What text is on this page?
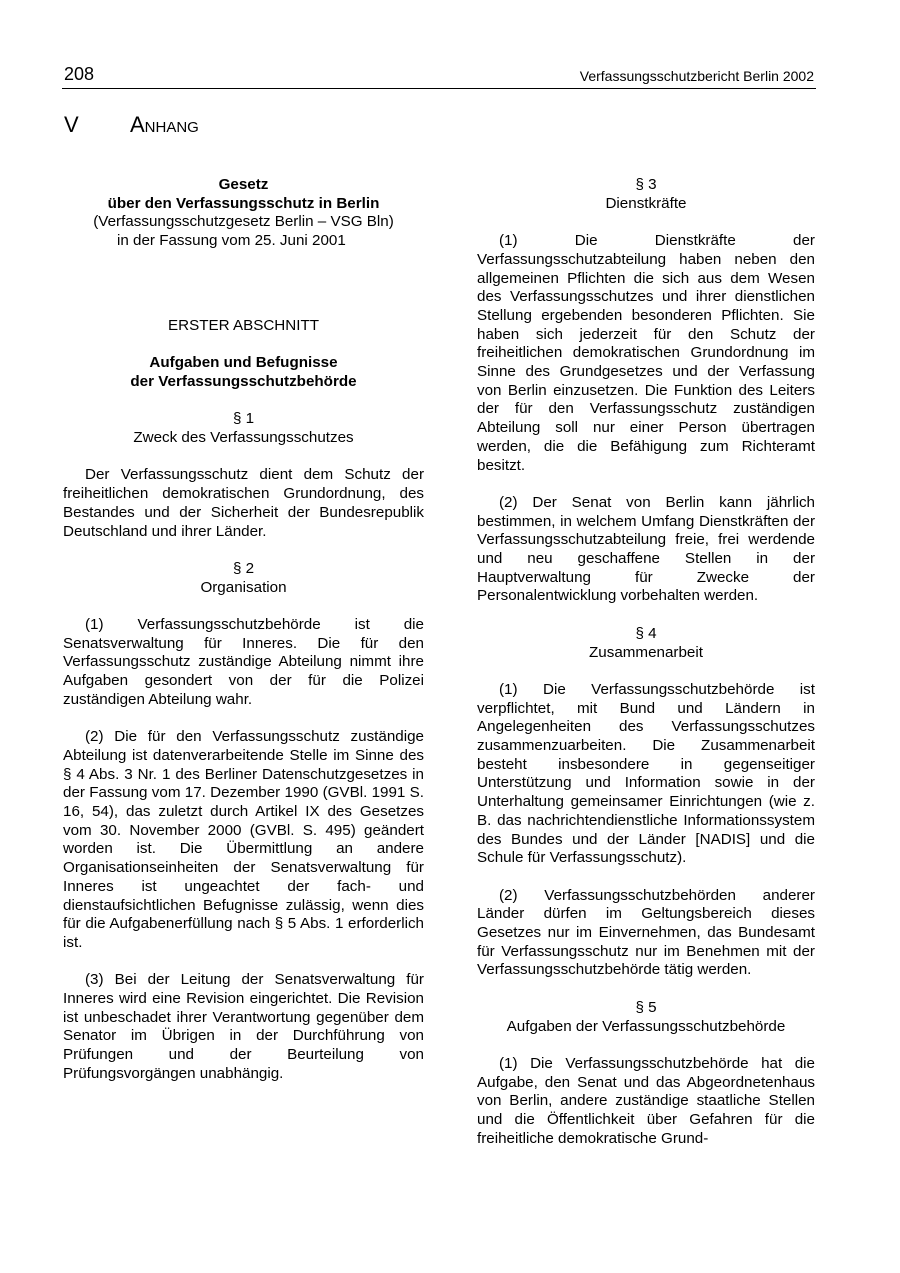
208	Verfassungsschutzbericht Berlin 2002
V Anhang

Gesetz

über den Verfassungsschutz in Berlin

(Verfassungsschutzgesetz Berlin – VSG Bln)

in der Fassung vom 25. Juni 2001

ERSTER ABSCHNITT

Aufgaben und Befugnisse

der Verfassungsschutzbehörde

§ 1

Zweck des Verfassungsschutzes

Der Verfassungsschutz dient dem Schutz der freiheitlichen demokratischen Grundordnung, des Bestandes und der Sicherheit der Bundesrepublik Deutschland und ihrer Länder.

§ 2

Organisation

(1) Verfassungsschutzbehörde ist die Senatsverwaltung für Inneres. Die für den Verfassungsschutz zuständige Abteilung nimmt ihre Aufgaben gesondert von der für die Polizei zuständigen Abteilung wahr.

(2) Die für den Verfassungsschutz zuständige Abteilung ist datenverarbeitende Stelle im Sinne des § 4 Abs. 3 Nr. 1 des Berliner Datenschutzgesetzes in der Fassung vom 17. Dezember 1990 (GVBl. 1991 S. 16, 54), das zuletzt durch Artikel IX des Gesetzes vom 30. November 2000 (GVBl. S. 495) geändert worden ist. Die Übermittlung an andere Organisationseinheiten der Senatsverwaltung für Inneres ist ungeachtet der fach- und dienstaufsichtlichen Befugnisse zulässig, wenn dies für die Aufgabenerfüllung nach § 5 Abs. 1 erforderlich ist.

(3) Bei der Leitung der Senatsverwaltung für Inneres wird eine Revision eingerichtet. Die Revision ist unbeschadet ihrer Verantwortung gegenüber dem Senator im Übrigen in der Durchführung von Prüfungen und der Beurteilung von Prüfungsvorgängen unabhängig.

§ 3

Dienstkräfte

(1) Die Dienstkräfte der Verfassungsschutzabteilung haben neben den allgemeinen Pflichten die sich aus dem Wesen des Verfassungsschutzes und ihrer dienstlichen Stellung ergebenden besonderen Pflichten. Sie haben sich jederzeit für den Schutz der freiheitlichen demokratischen Grundordnung im Sinne des Grundgesetzes und der Verfassung von Berlin einzusetzen. Die Funktion des Leiters der für den Verfassungsschutz zuständigen Abteilung soll nur einer Person übertragen werden, die die Befähigung zum Richteramt besitzt.

(2) Der Senat von Berlin kann jährlich bestimmen, in welchem Umfang Dienstkräften der Verfassungsschutzabteilung freie, frei werdende und neu geschaffene Stellen in der Hauptverwaltung für Zwecke der Personalentwicklung vorbehalten werden.

§ 4

Zusammenarbeit

(1) Die Verfassungsschutzbehörde ist verpflichtet, mit Bund und Ländern in Angelegenheiten des Verfassungsschutzes zusammenzuarbeiten. Die Zusammenarbeit besteht insbesondere in gegenseitiger Unterstützung und Information sowie in der Unterhaltung gemeinsamer Einrichtungen (wie z. B. das nachrichtendienstliche Informationssystem des Bundes und der Länder [NADIS] und die Schule für Verfassungsschutz).

(2) Verfassungsschutzbehörden anderer Länder dürfen im Geltungsbereich dieses Gesetzes nur im Einvernehmen, das Bundesamt für Verfassungsschutz nur im Benehmen mit der Verfassungsschutzbehörde tätig werden.

§ 5

Aufgaben der Verfassungsschutzbehörde

(1) Die Verfassungsschutzbehörde hat die Aufgabe, den Senat und das Abgeordnetenhaus von Berlin, andere zuständige staatliche Stellen und die Öffentlichkeit über Gefahren für die freiheitliche demokratische Grund-
